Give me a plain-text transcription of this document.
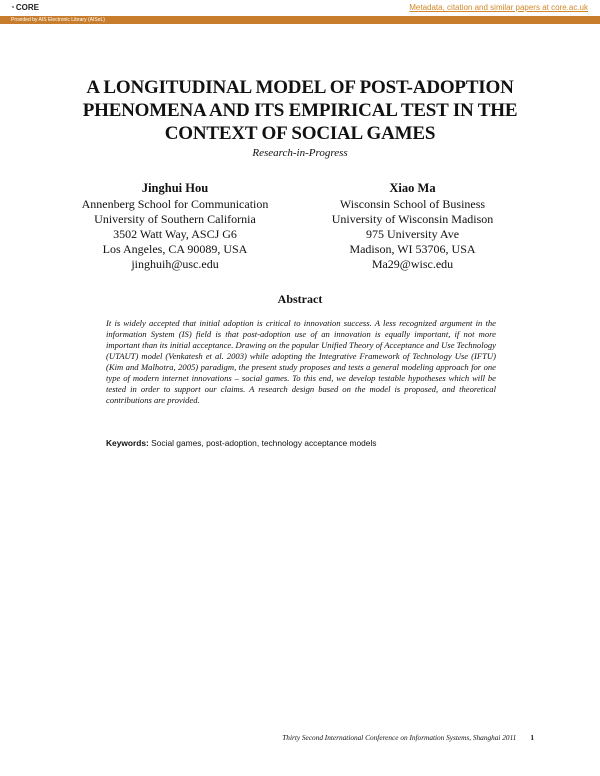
◔CORE	Metadata, citation and similar papers at core.ac.uk
Provided by AIS Electronic Library (AISeL)
A LONGITUDINAL MODEL OF POST-ADOPTION
PHENOMENA AND ITS EMPIRICAL TEST IN THE
CONTEXT OF SOCIAL GAMES
Research-in-Progress
Jinghui Hou
Annenberg School for Communication
University of Southern California
3502 Watt Way, ASCJ G6
Los Angeles, CA 90089, USA
jinghuih@usc.edu
Xiao Ma
Wisconsin School of Business
University of Wisconsin Madison
975 University Ave
Madison, WI 53706, USA
Ma29@wisc.edu
Abstract
It is widely accepted that initial adoption is critical to innovation success. A less recognized argument in the information System (IS) field is that post-adoption use of an innovation is equally important, if not more important than its initial acceptance. Drawing on the popular Unified Theory of Acceptance and Use Technology (UTAUT) model (Venkatesh et al. 2003) while adopting the Integrative Framework of Technology Use (IFTU) (Kim and Malhotra, 2005) paradigm, the present study proposes and tests a general modeling approach for one type of modern internet innovations – social games. To this end, we develop testable hypotheses which will be tested in order to support our claims. A research design based on the model is proposed, and theoretical contributions are provided.
Keywords: Social games, post-adoption, technology acceptance models
Thirty Second International Conference on Information Systems, Shanghai 2011 1
